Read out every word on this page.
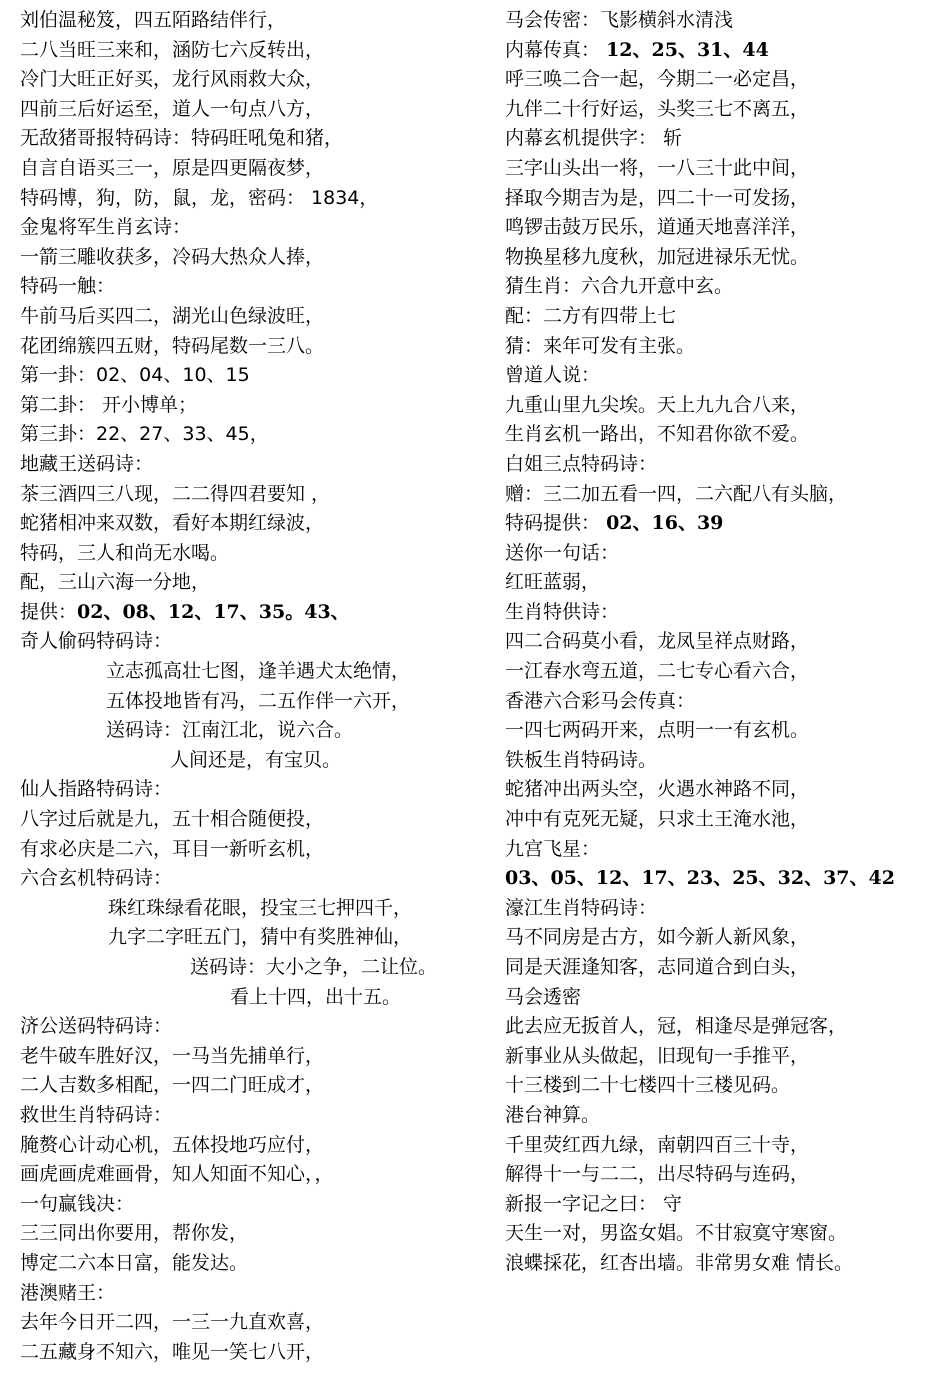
刘伯温秘笈，四五陌路结伴行，
二八当旺三来和，涵防七六反转出，
冷门大旺正好买，龙行风雨救大众，
四前三后好运至，道人一句点八方，
无敌猪哥报特码诗：特码旺吼兔和猪，
自言自语买三一，原是四更隔夜梦，
特码博，狗，防，鼠，龙，密码： 1834，
金鬼将军生肖玄诗：
一箭三雕收获多，冷码大热众人捧，
特码一触：
牛前马后买四二，湖光山色绿波旺，
花团绵簇四五财，特码尾数一三八。
第一卦：02、04、10、15
第二卦： 开小博单；
第三卦：22、27、33、45，
地藏王送码诗：
茶三酒四三八现，二二得四君要知 ，
蛇猪相冲来双数，看好本期红绿波，
特码，三人和尚无水喝。
配，三山六海一分地，
提供：02、08、12、17、35。43、
奇人偷码特码诗：
立志孤高壮七图，逢羊遇犬太绝情，
五体投地皆有冯，二五作伴一六开，
送码诗：江南江北，说六合。
人间还是，有宝贝。
仙人指路特码诗：
八字过后就是九，五十相合随便投，
有求必庆是二六，耳目一新听玄机，
六合玄机特码诗：
珠红珠绿看花眼，投宝三七押四千，
九字二字旺五门，猜中有奖胜神仙，
送码诗：大小之争，二让位。
看上十四，出十五。
济公送码特码诗：
老牛破车胜好汉，一马当先捕单行，
二人吉数多相配，一四二门旺成才，
救世生肖特码诗：
腌赘心计动心机，五体投地巧应付，
画虎画虎难画骨，知人知面不知心，，
一句赢钱决：
三三同出你要用，帮你发，
博定二六本日富，能发达。
港澳赌王：
去年今日开二四，一三一九直欢喜，
二五藏身不知六，唯见一笑七八开，
马会传密：飞影横斜水清浅
内幕传真： 12、25、31、44
呼三唤二合一起，今期二一必定昌，
九伴二十行好运，头奖三七不离五，
内幕玄机提供字： 斩
三字山头出一将，一八三十此中间，
择取今期吉为是，四二十一可发扬，
鸣锣击鼓万民乐，道通天地喜洋洋，
物换星移九度秋，加冠进禄乐无忧。
猜生肖：六合九开意中玄。
配：二方有四带上七
猜：来年可发有主张。
曾道人说：
九重山里九尖埃。天上九九合八来，
生肖玄机一路出，不知君你欲不爱。
白姐三点特码诗：
赠：三二加五看一四，二六配八有头脑，
特码提供： 02、16、39
送你一句话：
红旺蓝弱，
生肖特供诗：
四二合码莫小看，龙凤呈祥点财路，
一江春水弯五道，二七专心看六合，
香港六合彩马会传真：
一四七两码开来，点明一一有玄机。
铁板生肖特码诗。
蛇猪冲出两头空，火遇水神路不同，
冲中有克死无疑，只求土王淹水池，
九宫飞星：
03、05、12、17、23、25、32、37、42
濠江生肖特码诗：
马不同房是古方，如今新人新风象，
同是天涯逢知客，志同道合到白头，
马会透密
此去应无扳首人，冠，相逢尽是弹冠客，
新事业从头做起，旧现旬一手推平，
十三楼到二十七楼四十三楼见码。
港台神算。
千里荧红西九绿，南朝四百三十寺，
解得十一与二二，出尽特码与连码，
新报一字记之曰： 守
天生一对，男盗女娼。不甘寂寞守寒窗。
浪蝶採花，红杏出墙。非常男女难 情长。
